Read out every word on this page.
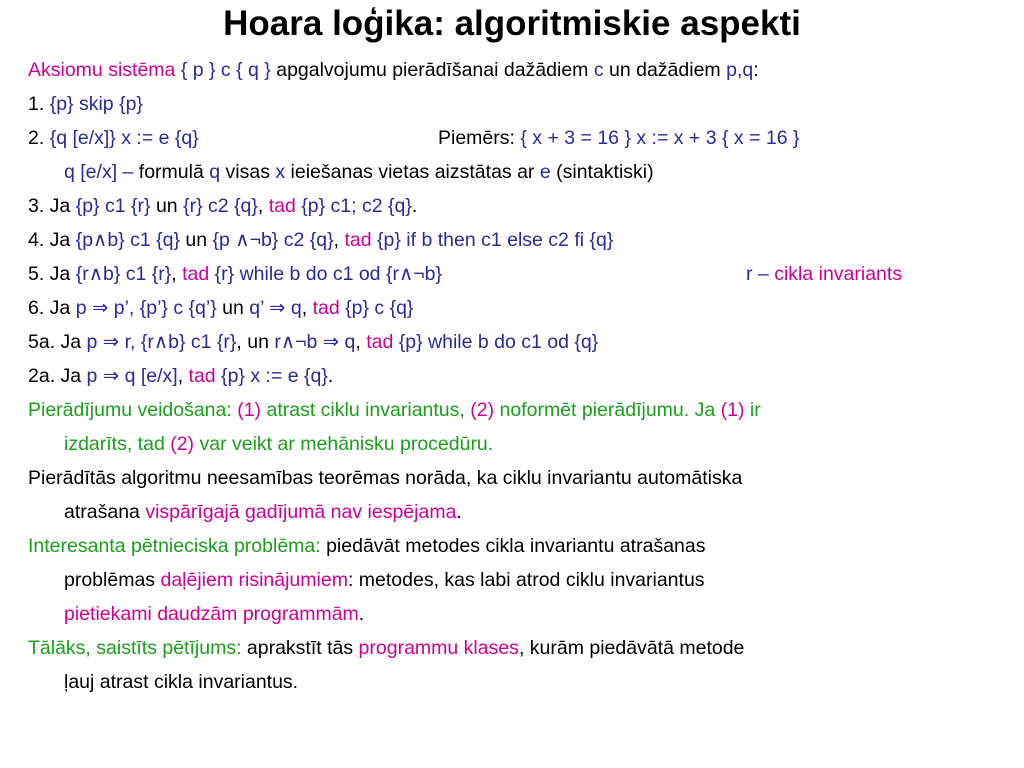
Hoara loģika: algoritmiskie aspekti
Aksiomu sistēma { p } c { q } apgalvojumu pierādīšanai dažādiem c un dažādiem p,q:
1. {p} skip {p}
2. {q [e/x]} x := e {q}	Piemērs: { x + 3 = 16 } x := x + 3 { x = 16 }
q [e/x] – formulā q visas x ieiešanas vietas aizstātas ar e (sintaktiski)
3. Ja {p} c1 {r} un {r} c2 {q}, tad {p} c1; c2 {q}.
4. Ja {p∧b} c1 {q} un {p ∧¬b} c2 {q}, tad {p} if b then c1 else c2 fi {q}
5. Ja {r∧b} c1 {r}, tad {r} while b do c1 od {r∧¬b}	r – cikla invariants
6. Ja p ⇒ p’, {p’} c {q’} un q’ ⇒ q, tad {p} c {q}
5a. Ja p ⇒ r, {r∧b} c1 {r}, un r∧¬b ⇒ q, tad {p} while b do c1 od {q}
2a. Ja p ⇒ q [e/x], tad {p} x := e {q}.
Pierādījumu veidošana: (1) atrast ciklu invariantus, (2) noformēt pierādījumu. Ja (1) ir
izdarīts, tad (2) var veikt ar mehānisku procedūru.
Pierādītās algoritmu neesamības teorēmas norāda, ka ciklu invariantu automātiska
atrašana vispārīgajā gadījumā nav iespējama.
Interesanta pētnieciska problēma: piedāvāt metodes cikla invariantu atrašanas
problēmas daļējiem risinājumiem: metodes, kas labi atrod ciklu invariantus
pietiekami daudzām programmām.
Tālāks, saistīts pētījums: aprakstīt tās programmu klases, kurām piedāvātā metode
ļauj atrast cikla invariantus.
